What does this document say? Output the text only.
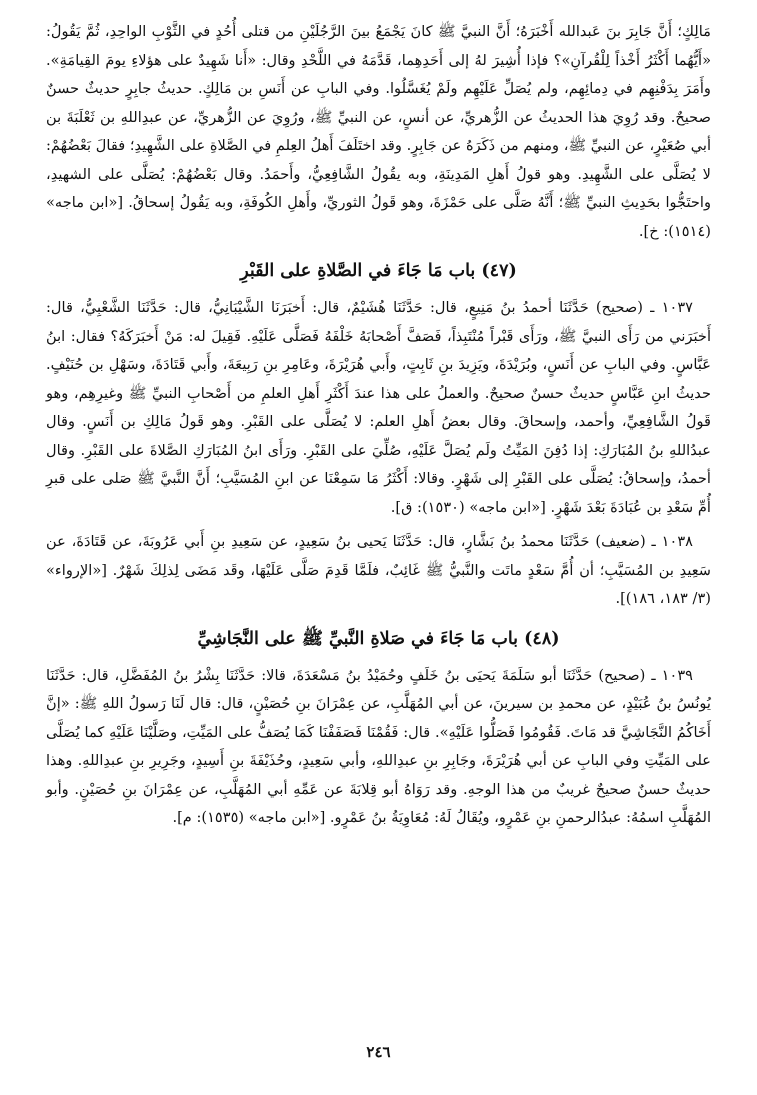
مَالِكٍ؛ أَنَّ جَابِرَ بنَ عَبدالله أَخْبَرَهُ؛ أَنَّ النبيَّ ﷺ كانَ يَجْمَعُ بينَ الرَّجُلَيْنِ من قتلى أُحُدٍ في الثَّوْبِ الواحِدِ، ثُمَّ يَقُولُ: «أَيُّهُما أَكْثَرُ أَخْذاً لِلْقُرآنِ»؟ فإذا أُشِيرَ لهُ إلى أَحَدِهِما، قَدَّمَهُ في اللَّحْدِ وقال: «أَنا شَهِيدٌ على هؤلاءِ يومَ القِيامَةِ». وأَمَرَ بِدَفْنِهِم في دِمائِهِم، ولم يُصَلِّ عَلَيْهِم ولَمْ يُغَسَّلُوا. وفي البابِ عن أَنَسِ بن مَالِكٍ. حديثُ جابِرٍ حديثٌ حسنٌ صحيحٌ. وقد رُوِيَ هذا الحديثُ عن الزُّهريِّ، عن أنسٍ، عن النبيِّ ﷺ، ورُوِيَ عن الزُّهريِّ، عن عبدِاللهِ بن ثَعْلَبَةَ بن أبي صُعَيْرٍ، عن النبيِّ ﷺ، ومنهم من ذَكَرَهُ عن جَابِرٍ. وقد اختَلَفَ أَهلُ العِلمِ في الصَّلاةِ على الشَّهِيدِ؛ فقالَ بَعْضُهُمْ: لا يُصَلَّى على الشَّهِيدِ. وهو قولُ أَهلِ المَدِينَةِ، وبه يقُولُ الشَّافِعِيُّ، وأَحمَدُ. وقال بَعْضُهُمْ: يُصَلَّى على الشهيدِ، واحتَجُّوا بحَدِيثِ النبيِّ ﷺ؛ أَنَّهُ صَلَّى على حَمْزَةَ، وهو قَولُ الثوريِّ، وأَهلِ الكُوفَةِ، وبه يَقُولُ إسحاقُ. [«ابن ماجه» (١٥١٤): خ].

(٤٧) باب مَا جَاءَ في الصَّلاةِ على القَبْرِ

١٠٣٧ ـ (صحيح) حَدَّثَنَا أحمدُ بنُ مَنِيعٍ، قال: حَدَّثَنَا هُشَيْمٌ، قال: أَخبَرَنَا الشَّيْبَانِيُّ، قال: حَدَّثَنَا الشَّعْبِيُّ، قال: أَخبَرَني من رَأَى النبيَّ ﷺ، ورَأَى قَبْراً مُنْتَبِذاً، فَصَفَّ أَصْحابَهُ خَلْفَهُ فَصَلَّى عَلَيْهِ. فَقِيلَ له: مَنْ أَخبَرَكَهُ؟ فقال: ابنُ عَبَّاسٍ. وفي البابِ عن أَنَسٍ، وبُرَيْدَةَ، ويَزِيدَ بنِ ثَابِتٍ، وأَبي هُرَيْرَةَ، وعَامِرِ بنِ رَبِيعَةَ، وأَبي قَتَادَةَ، وسَهْلِ بن حُنَيْفٍ. حديثُ ابنِ عَبَّاسٍ حديثٌ حسنٌ صحيحٌ. والعملُ على هذا عندَ أَكْثَرِ أَهلِ العلمِ من أَصْحابِ النبيِّ ﷺ وغيرِهِم، وهو قَولُ الشَّافِعِيِّ، وأحمد، وإسحاقَ. وقال بعضُ أَهلِ العلم: لا يُصَلَّى على القَبْرِ. وهو قَولُ مَالِكِ بن أَنَسٍ. وقال عبدُاللهِ بنُ المُبَارَكِ: إذا دُفِنَ المَيِّتُ ولَم يُصَلَّ عَلَيْهِ، صُلِّيَ على القَبْرِ. ورَأَى ابنُ المُبَارَكِ الصَّلاةَ على القَبْرِ. وقال أحمدُ، وإسحاقُ: يُصَلَّى على القَبْرِ إلى شَهْرٍ. وقالا: أَكْثَرُ مَا سَمِعْنَا عن ابنِ المُسَيَّبِ؛ أَنَّ النَّبيَّ ﷺ صَلى على قبرِ أُمِّ سَعْدِ بن عُبَادَةَ بَعْدَ شَهْرٍ. [«ابن ماجه» (١٥٣٠): ق].

١٠٣٨ ـ (ضعيف) حَدَّثَنَا محمدُ بنُ بَشَّارٍ، قال: حَدَّثَنَا يَحيى بنُ سَعِيدٍ، عن سَعِيدِ بنِ أَبي عَرُوبَةَ، عن قَتَادَةَ، عن سَعِيدِ بن المُسَيَّبِ؛ أن أُمَّ سَعْدٍ ماتَت والنَّبيُّ ﷺ غَائِبٌ، فلَمَّا قَدِمَ صَلَّى عَلَيْهَا، وقَد مَضَى لِذلِكَ شَهْرٌ. [«الإرواء» (٣/ ١٨٣، ١٨٦)].

(٤٨) باب مَا جَاءَ في صَلاةِ النَّبيِّ ﷺ على النَّجَاشِيِّ

١٠٣٩ ـ (صحيح) حَدَّثَنَا أبو سَلَمَةَ يَحيَى بنُ خَلَفٍ وحُمَيْدُ بنُ مَسْعَدَةَ، قالا: حَدَّثَنَا بِشْرُ بنُ المُفَضَّلِ، قال: حَدَّثَنَا يُونُسُ بنُ عُبَيْدٍ، عن محمدِ بن سيرينَ، عن أبي المُهَلَّبِ، عن عِمْرَانَ بنِ حُصَيْنٍ، قال: قال لَنَا رَسولُ اللهِ ﷺ: «إنَّ أَخَاكُمُ النَّجَاشِيَّ قد مَاتَ. فَقُومُوا فَصَلُّوا عَلَيْهِ». قال: فَقُمْنَا فَصَفَفْنَا كَمَا يُصَفُّ على المَيِّتِ، وصَلَّيْنَا عَلَيْهِ كما يُصَلَّى على المَيِّتِ وفي البابِ عن أبي هُرَيْرَةَ، وجَابِرِ بنِ عبدِاللهِ، وأبي سَعِيدٍ، وحُذَيْفَةَ بنِ أَسِيدٍ، وجَرِيرِ بنِ عبدِاللهِ. وهذا حديثٌ حسنٌ صحيحٌ غريبٌ من هذا الوجهِ. وقد رَوَاهُ أبو قِلابَةَ عن عَمِّهِ أبي المُهَلَّبِ، عن عِمْرَانَ بنِ حُصَيْنٍ. وأبو المُهَلَّبِ اسمُهُ: عبدُالرحمنِ بنِ عَمْرٍو، ويُقَالُ لَهُ: مُعَاوِيَةُ بنُ عَمْرٍو. [«ابن ماجه» (١٥٣٥): م].

٢٤٦
